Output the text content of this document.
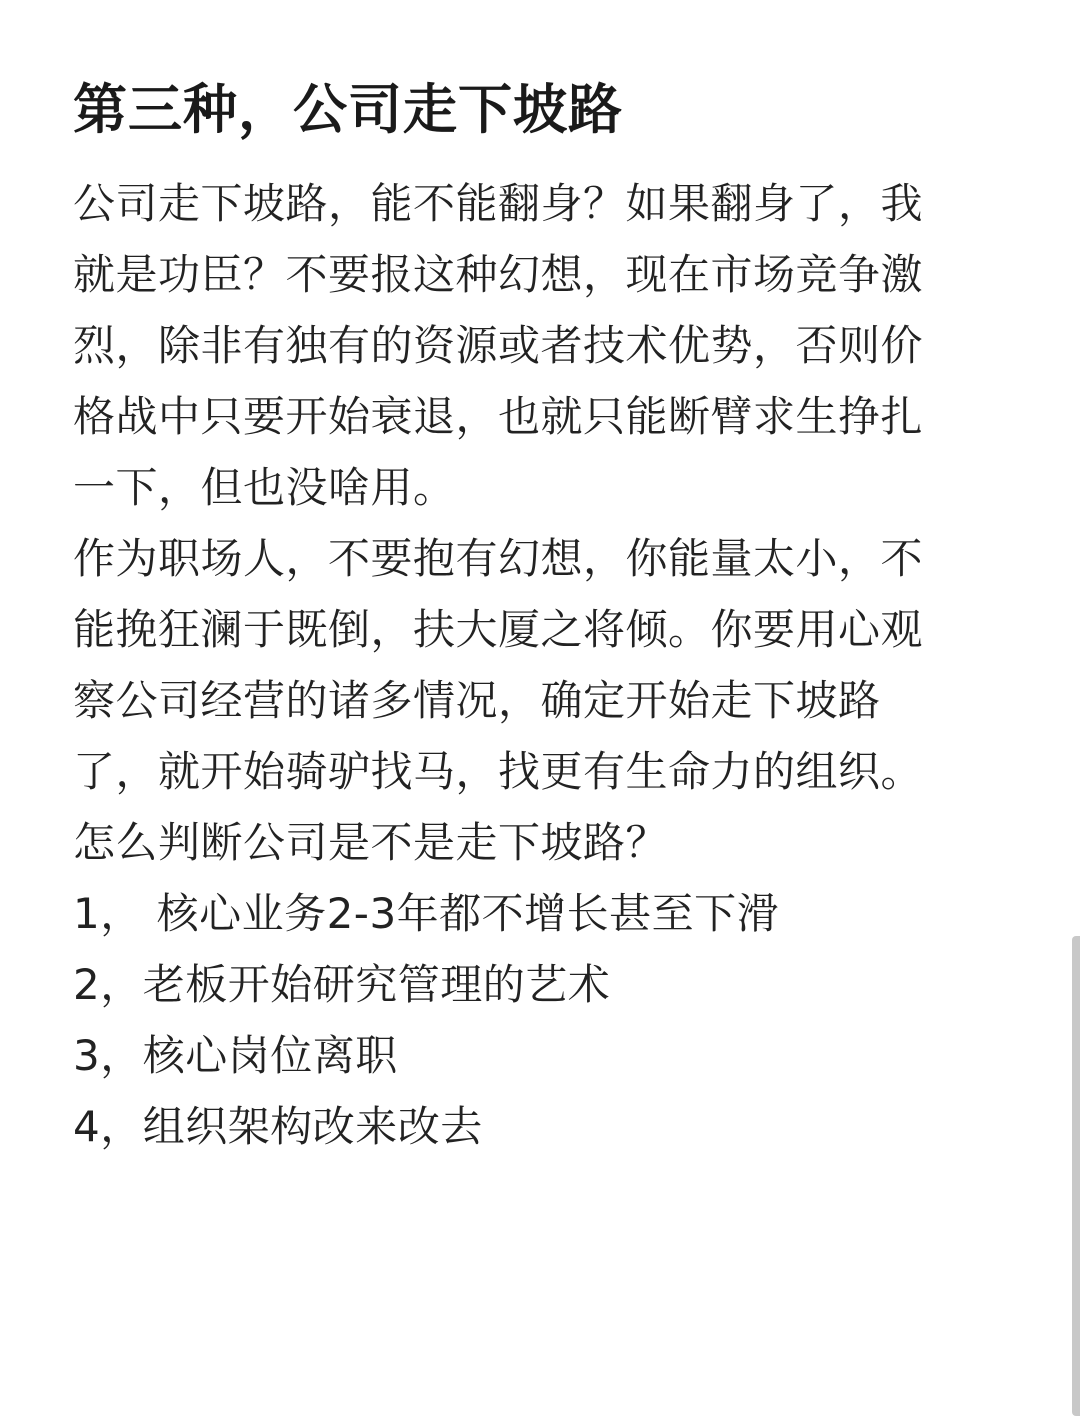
第三种，公司走下坡路
公司走下坡路，能不能翻身？如果翻身了，我
就是功臣？不要报这种幻想，现在市场竞争激
烈，除非有独有的资源或者技术优势，否则价
格战中只要开始衰退，也就只能断臂求生挣扎
一下，但也没啥用。
作为职场人，不要抱有幻想，你能量太小，不
能挽狂澜于既倒，扶大厦之将倾。你要用心观
察公司经营的诸多情况，确定开始走下坡路
了，就开始骑驴找马，找更有生命力的组织。
怎么判断公司是不是走下坡路？
1， 核心业务2-3年都不增长甚至下滑
2，老板开始研究管理的艺术
3，核心岗位离职
4，组织架构改来改去
